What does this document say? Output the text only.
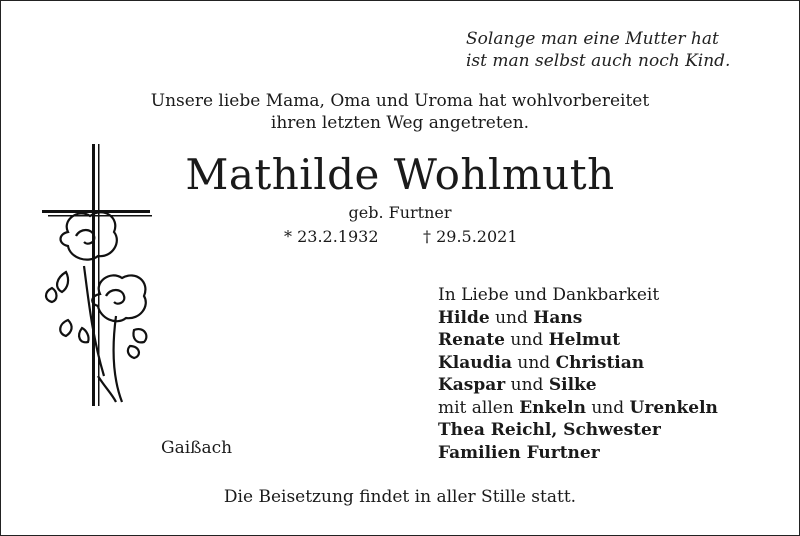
Solange man eine Mutter hat
ist man selbst auch noch Kind.
Unsere liebe Mama, Oma und Uroma hat wohlvorbereitet
ihren letzten Weg angetreten.
Mathilde Wohlmuth
geb. Furtner
* 23.2.1932	† 29.5.2021
In Liebe und Dankbarkeit
Hilde und Hans
Renate und Helmut
Klaudia und Christian
Kaspar und Silke
mit allen Enkeln und Urenkeln
Thea Reichl, Schwester
Familien Furtner
Gaißach
Die Beisetzung findet in aller Stille statt.
